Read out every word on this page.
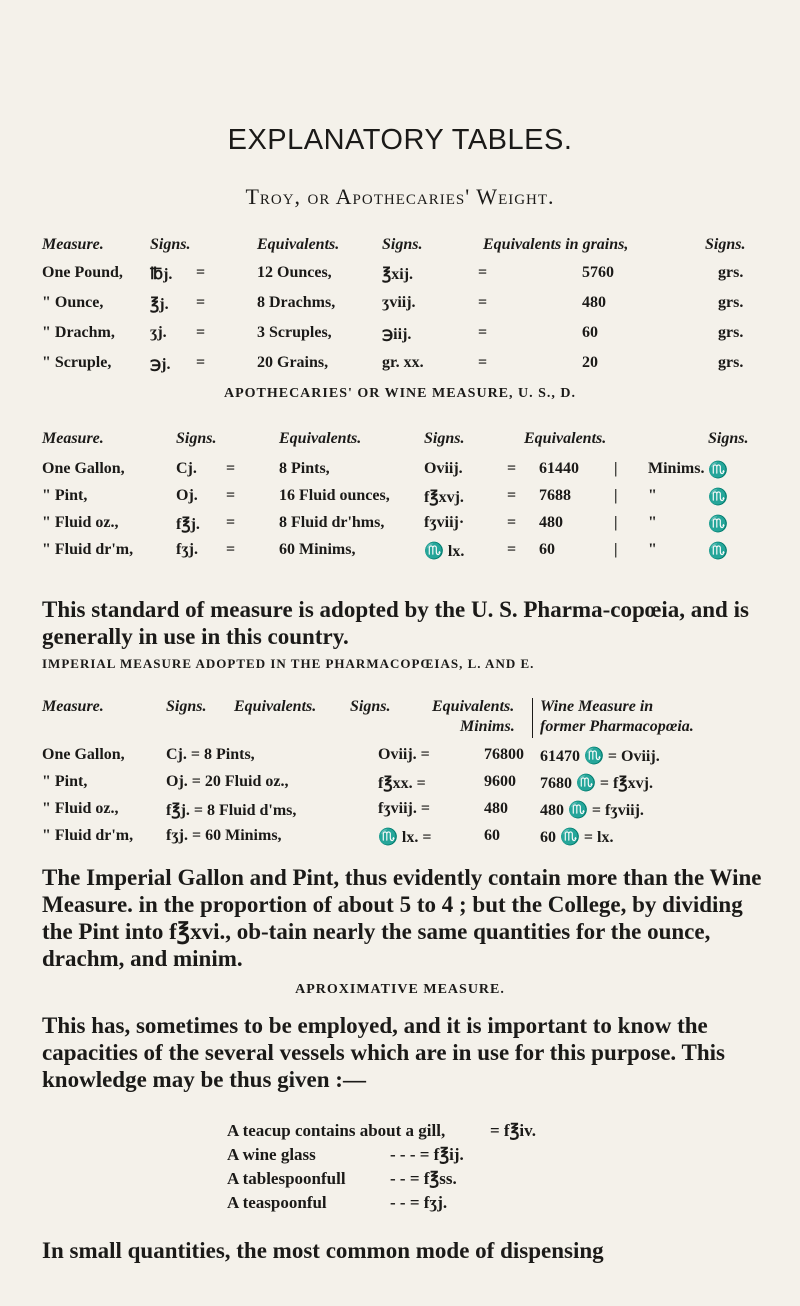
EXPLANATORY TABLES.
Troy, or Apothecaries' Weight.
Measure.	Signs.	Equivalents.	Signs.	Equivalents in grains,	Signs.
One Pound, ℔j. =	12 Ounces,	℥xij.	=	5760	grs.
" Ounce,	℥j. =	8 Drachms,	ʒviij.	=	480	grs.
" Drachm, ʒj. =	3 Scruples,	℈iij.	=	60	grs.
" Scruple, ℈j. =	20 Grains,	gr. xx.	=	20	grs.
APOTHECARIES' OR WINE MEASURE, U. S., D.
Measure.	Signs.	Equivalents.	Signs.	Equivalents.	Signs.
One Gallon,	Cj. =	8 Pints,	Oviij.	= 61440 | Minims. ♏
" Pint,	Oj. =	16 Fluid ounces, f℥xvj.	= 7688	| "	♏
" Fluid oz.,	f℥j. =	8 Fluid dr'hms, fʒviij·	= 480	| "	♏
" Fluid dr'm,	fʒj. =	60 Minims,	♏ lx.	= 60	| "	♏
This standard of measure is adopted by the U. S. Pharma-copœia, and is generally in use in this country.
IMPERIAL MEASURE ADOPTED IN THE PHARMACOPŒIAS, L. AND E.
Measure.	Signs. Equivalents. Signs.	Equivalents.
Minims.
Wine Measure in
former Pharmacopœia.
One Gallon,	Cj. = 8 Pints,	Oviij. =	76800 61470 ♏ = Oviij.
" Pint,	Oj. = 20 Fluid oz.,	f℥xx. =	9600 7680 ♏ = f℥xvj.
" Fluid oz.,	f℥j. = 8 Fluid d'ms,	fʒviij. =	480 480 ♏ = fʒviij.
" Fluid dr'm, fʒj. = 60 Minims,	♏ lx. =	60	60 ♏ = lx.
The Imperial Gallon and Pint, thus evidently contain more than the Wine Measure. in the proportion of about 5 to 4 ; but the College, by dividing the Pint into f℥xvi., ob-tain nearly the same quantities for the ounce, drachm, and minim.
APROXIMATIVE MEASURE.
This has, sometimes to be employed, and it is important to know the capacities of the several vessels which are in use for this purpose. This knowledge may be thus given :—
A teacup contains about a gill,	= f℥iv.
A wine glass	- - - = f℥ij.
A tablespoonfull	- - = f℥ss.
A teaspoonful	- - = fʒj.
In small quantities, the most common mode of dispensing
